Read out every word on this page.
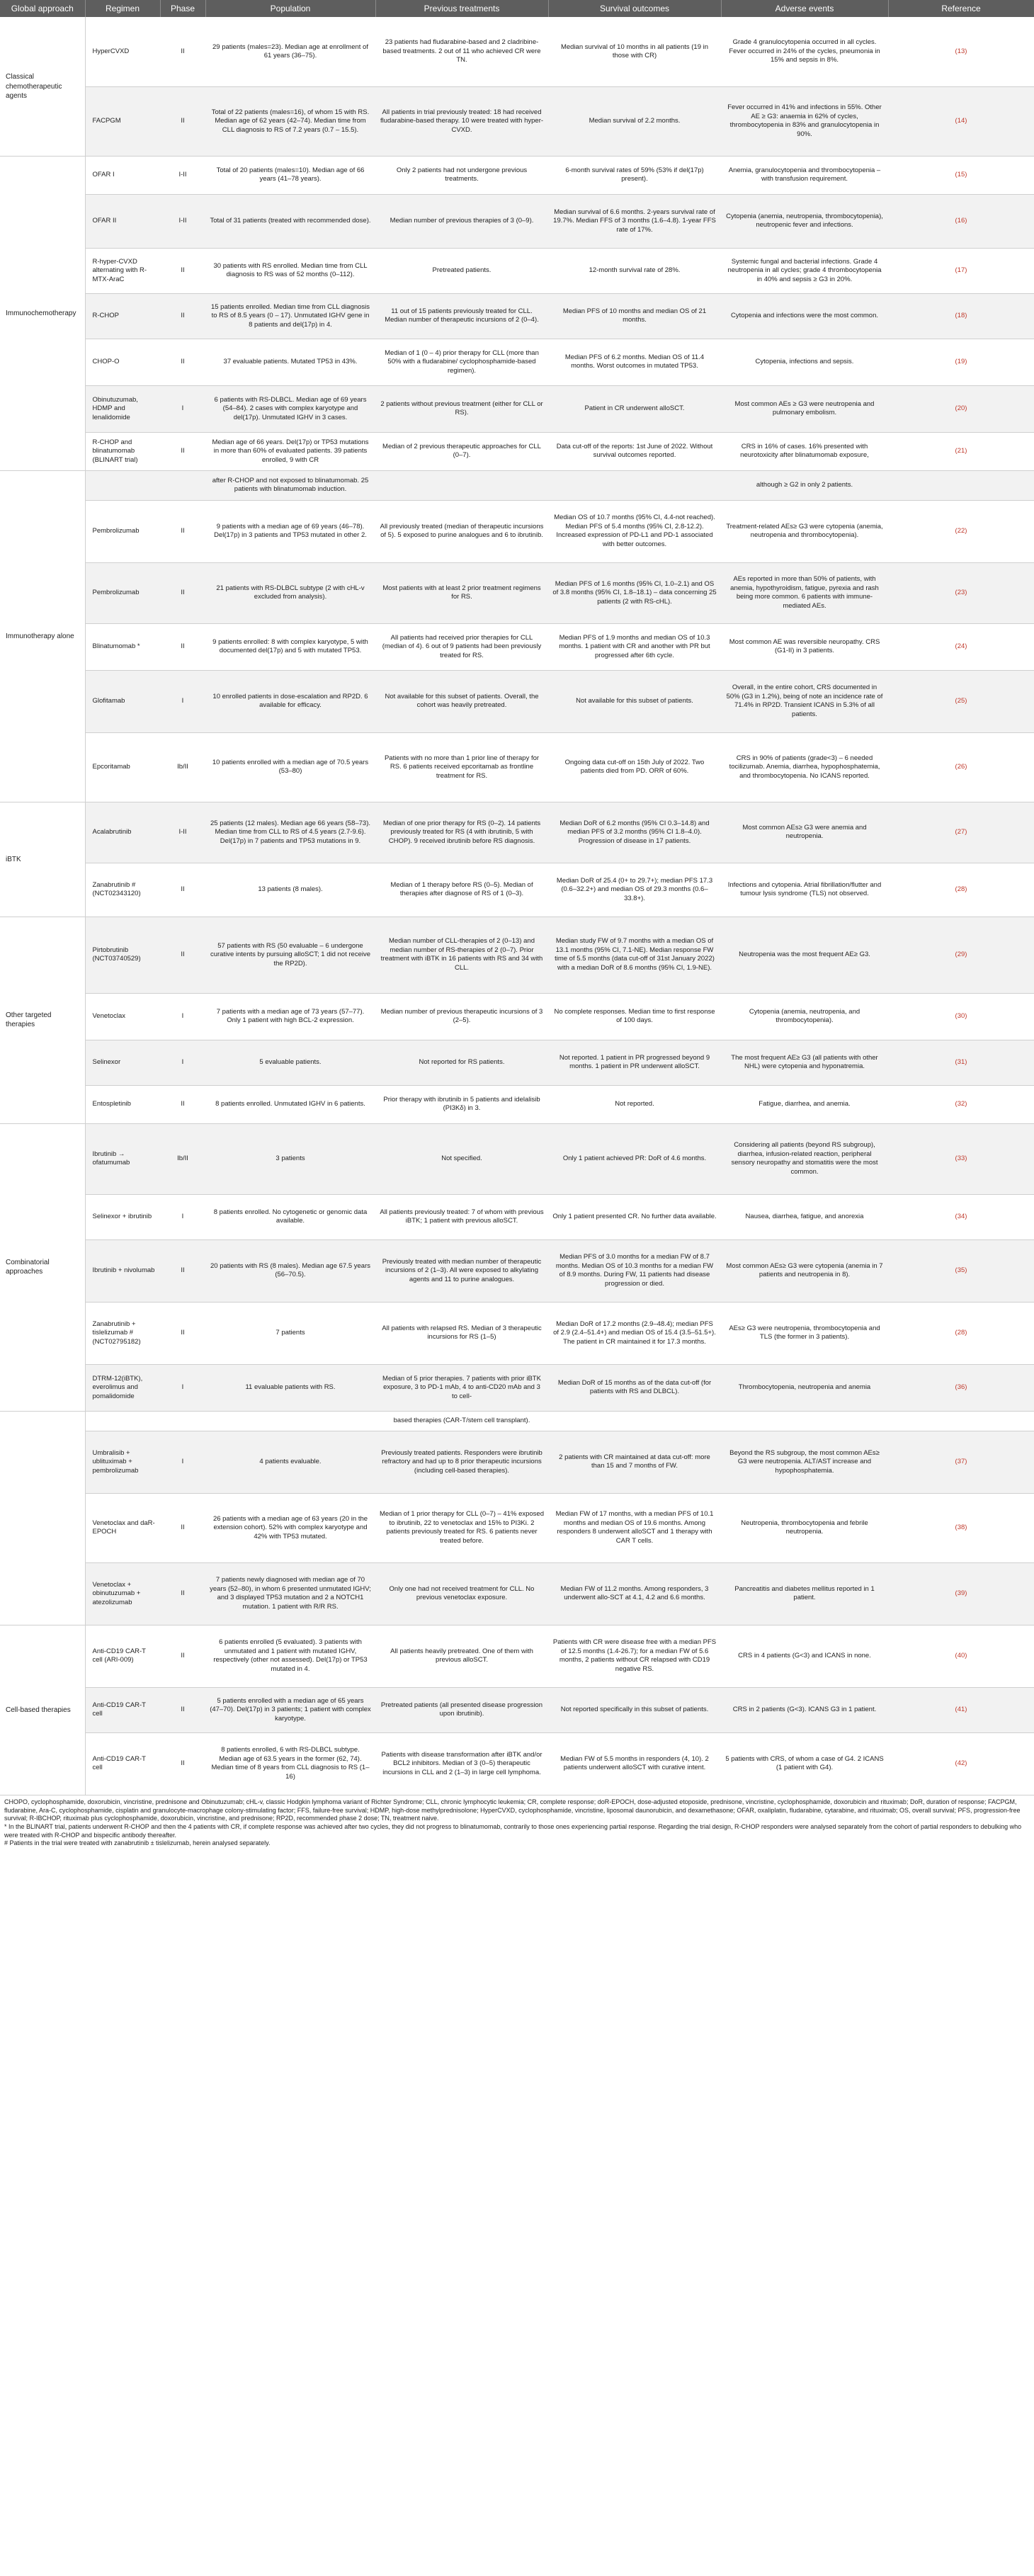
Global approach	Regimen	Phase	Population	Previous treatments	Survival outcomes	Adverse events	Reference
Classical chemotherapeutic agents	HyperCVXD	II	29 patients (males=23). Median age at enrollment of 61 years (36–75).	23 patients had fludarabine-based and 2 cladribine-based treatments. 2 out of 11 who achieved CR were TN.	Median survival of 10 months in all patients (19 in those with CR)	Grade 4 granulocytopenia occurred in all cycles. Fever occurred in 24% of the cycles, pneumonia in 15% and sepsis in 8%.	(13)
	FACPGM	II	Total of 22 patients (males=16), of whom 15 with RS. Median age of 62 years (42–74). Median time from CLL diagnosis to RS of 7.2 years (0.7 – 15.5).	All patients in trial previously treated: 18 had received fludarabine-based therapy. 10 were treated with hyper-CVXD.	Median survival of 2.2 months.	Fever occurred in 41% and infections in 55%. Other AE ≥ G3: anaemia in 62% of cycles, thrombocytopenia in 83% and granulocytopenia in 90%.	(14)
Immunochemotherapy	OFAR I	I-II	Total of 20 patients (males=10). Median age of 66 years (41–78 years).	Only 2 patients had not undergone previous treatments.	6-month survival rates of 59% (53% if del(17p) present).	Anemia, granulocytopenia and thrombocytopenia – with transfusion requirement.	(15)
	OFAR II	I-II	Total of 31 patients (treated with recommended dose).	Median number of previous therapies of 3 (0–9).	Median survival of 6.6 months. 2-years survival rate of 19.7%. Median FFS of 3 months (1.6–4.8). 1-year FFS rate of 17%.	Cytopenia (anemia, neutropenia, thrombocytopenia), neutropenic fever and infections.	(16)
	R-hyper-CVXD alternating with R-MTX-AraC	II	30 patients with RS enrolled. Median time from CLL diagnosis to RS was of 52 months (0–112).	Pretreated patients.	12-month survival rate of 28%.	Systemic fungal and bacterial infections. Grade 4 neutropenia in all cycles; grade 4 thrombocytopenia in 40% and sepsis ≥ G3 in 20%.	(17)
	R-CHOP	II	15 patients enrolled. Median time from CLL diagnosis to RS of 8.5 years (0 – 17). Unmutated IGHV gene in 8 patients and del(17p) in 4.	11 out of 15 patients previously treated for CLL. Median number of therapeutic incursions of 2 (0–4).	Median PFS of 10 months and median OS of 21 months.	Cytopenia and infections were the most common.	(18)
	CHOP-O	II	37 evaluable patients. Mutated TP53 in 43%.	Median of 1 (0 – 4) prior therapy for CLL (more than 50% with a fludarabine/ cyclophosphamide-based regimen).	Median PFS of 6.2 months. Median OS of 11.4 months. Worst outcomes in mutated TP53.	Cytopenia, infections and sepsis.	(19)
	Obinutuzumab, HDMP and lenalidomide	I	6 patients with RS-DLBCL. Median age of 69 years (54–84). 2 cases with complex karyotype and del(17p). Unmutated IGHV in 3 cases.	2 patients without previous treatment (either for CLL or RS).	Patient in CR underwent alloSCT.	Most common AEs ≥ G3 were neutropenia and pulmonary embolism.	(20)
	R-CHOP and blinatumomab (BLINART trial)	II	Median age of 66 years. Del(17p) or TP53 mutations in more than 60% of evaluated patients. 39 patients enrolled, 9 with CR	Median of 2 previous therapeutic approaches for CLL (0–7).	Data cut-off of the reports: 1st June of 2022. Without survival outcomes reported.	CRS in 16% of cases. 16% presented with neurotoxicity after blinatumomab exposure,	(21)
Immunotherapy alone			after R-CHOP and not exposed to blinatumomab. 25 patients with blinatumomab induction.			although ≥ G2 in only 2 patients.	
	Pembrolizumab	II	9 patients with a median age of 69 years (46–78). Del(17p) in 3 patients and TP53 mutated in other 2.	All previously treated (median of therapeutic incursions of 5). 5 exposed to purine analogues and 6 to ibrutinib.	Median OS of 10.7 months (95% CI, 4.4-not reached). Median PFS of 5.4 months (95% CI, 2.8-12.2). Increased expression of PD-L1 and PD-1 associated with better outcomes.	Treatment-related AEs≥ G3 were cytopenia (anemia, neutropenia and thrombocytopenia).	(22)
	Pembrolizumab	II	21 patients with RS-DLBCL subtype (2 with cHL-v excluded from analysis).	Most patients with at least 2 prior treatment regimens for RS.	Median PFS of 1.6 months (95% CI, 1.0–2.1) and OS of 3.8 months (95% CI, 1.8–18.1) – data concerning 25 patients (2 with RS-cHL).	AEs reported in more than 50% of patients, with anemia, hypothyroidism, fatigue, pyrexia and rash being more common. 6 patients with immune-mediated AEs.	(23)
	Blinatumomab *	II	9 patients enrolled: 8 with complex karyotype, 5 with documented del(17p) and 5 with mutated TP53.	All patients had received prior therapies for CLL (median of 4). 6 out of 9 patients had been previously treated for RS.	Median PFS of 1.9 months and median OS of 10.3 months. 1 patient with CR and another with PR but progressed after 6th cycle.	Most common AE was reversible neuropathy. CRS (G1-II) in 3 patients.	(24)
	Glofitamab	I	10 enrolled patients in dose-escalation and RP2D. 6 available for efficacy.	Not available for this subset of patients. Overall, the cohort was heavily pretreated.	Not available for this subset of patients.	Overall, in the entire cohort, CRS documented in 50% (G3 in 1.2%), being of note an incidence rate of 71.4% in RP2D. Transient ICANS in 5.3% of all patients.	(25)
	Epcoritamab	Ib/II	10 patients enrolled with a median age of 70.5 years (53–80)	Patients with no more than 1 prior line of therapy for RS. 6 patients received epcoritamab as frontline treatment for RS.	Ongoing data cut-off on 15th July of 2022. Two patients died from PD. ORR of 60%.	CRS in 90% of patients (grade<3) – 6 needed tocilizumab. Anemia, diarrhea, hypophosphatemia, and thrombocytopenia. No ICANS reported.	(26)
iBTK	Acalabrutinib	I-II	25 patients (12 males). Median age 66 years (58–73). Median time from CLL to RS of 4.5 years (2.7-9.6). Del(17p) in 7 patients and TP53 mutations in 9.	Median of one prior therapy for RS (0–2). 14 patients previously treated for RS (4 with ibrutinib, 5 with CHOP). 9 received ibrutinib before RS diagnosis.	Median DoR of 6.2 months (95% CI 0.3–14.8) and median PFS of 3.2 months (95% CI 1.8–4.0). Progression of disease in 17 patients.	Most common AEs≥ G3 were anemia and neutropenia.	(27)
	Zanabrutinib # (NCT02343120)	II	13 patients (8 males).	Median of 1 therapy before RS (0–5). Median of therapies after diagnose of RS of 1 (0–3).	Median DoR of 25.4 (0+ to 29.7+); median PFS 17.3 (0.6–32.2+) and median OS of 29.3 months (0.6–33.8+).	Infections and cytopenia. Atrial fibrillation/flutter and tumour lysis syndrome (TLS) not observed.	(28)
Other targeted therapies	Pirtobrutinib (NCT03740529)	II	57 patients with RS (50 evaluable – 6 undergone curative intents by pursuing alloSCT; 1 did not receive the RP2D).	Median number of CLL-therapies of 2 (0–13) and median number of RS-therapies of 2 (0–7). Prior treatment with iBTK in 16 patients with RS and 34 with CLL.	Median study FW of 9.7 months with a median OS of 13.1 months (95% CI, 7.1-NE). Median response FW time of 5.5 months (data cut-off of 31st January 2022) with a median DoR of 8.6 months (95% CI, 1.9-NE).	Neutropenia was the most frequent AE≥ G3.	(29)
	Venetoclax	I	7 patients with a median age of 73 years (57–77). Only 1 patient with high BCL-2 expression.	Median number of previous therapeutic incursions of 3 (2–5).	No complete responses. Median time to first response of 100 days.	Cytopenia (anemia, neutropenia, and thrombocytopenia).	(30)
	Selinexor	I	5 evaluable patients.	Not reported for RS patients.	Not reported. 1 patient in PR progressed beyond 9 months. 1 patient in PR underwent alloSCT.	The most frequent AE≥ G3 (all patients with other NHL) were cytopenia and hyponatremia.	(31)
	Entospletinib	II	8 patients enrolled. Unmutated IGHV in 6 patients.	Prior therapy with ibrutinib in 5 patients and idelalisib (PI3Kδ) in 3.	Not reported.	Fatigue, diarrhea, and anemia.	(32)
Combinatorial approaches	Ibrutinib → ofatumumab	Ib/II	3 patients	Not specified.	Only 1 patient achieved PR: DoR of 4.6 months.	Considering all patients (beyond RS subgroup), diarrhea, infusion-related reaction, peripheral sensory neuropathy and stomatitis were the most common.	(33)
	Selinexor + ibrutinib	I	8 patients enrolled. No cytogenetic or genomic data available.	All patients previously treated: 7 of whom with previous iBTK; 1 patient with previous alloSCT.	Only 1 patient presented CR. No further data available.	Nausea, diarrhea, fatigue, and anorexia	(34)
	Ibrutinib + nivolumab	II	20 patients with RS (8 males). Median age 67.5 years (56–70.5).	Previously treated with median number of therapeutic incursions of 2 (1–3). All were exposed to alkylating agents and 11 to purine analogues.	Median PFS of 3.0 months for a median FW of 8.7 months. Median OS of 10.3 months for a median FW of 8.9 months. During FW, 11 patients had disease progression or died.	Most common AEs≥ G3 were cytopenia (anemia in 7 patients and neutropenia in 8).	(35)
	Zanabrutinib + tislelizumab # (NCT02795182)	II	7 patients	All patients with relapsed RS. Median of 3 therapeutic incursions for RS (1–5)	Median DoR of 17.2 months (2.9–48.4); median PFS of 2.9 (2.4–51.4+) and median OS of 15.4 (3.5–51.5+). The patient in CR maintained it for 17.3 months.	AEs≥ G3 were neutropenia, thrombocytopenia and TLS (the former in 3 patients).	(28)
	DTRM-12(iBTK), everolimus and pomalidomide	I	11 evaluable patients with RS.	Median of 5 prior therapies. 7 patients with prior iBTK exposure, 3 to PD-1 mAb, 4 to anti-CD20 mAb and 3 to cell-	Median DoR of 15 months as of the data cut-off (for patients with RS and DLBCL).	Thrombocytopenia, neutropenia and anemia	(36)
				based therapies (CAR-T/stem cell transplant).			
	Umbralisib + ublituximab + pembrolizumab	I	4 patients evaluable.	Previously treated patients. Responders were ibrutinib refractory and had up to 8 prior therapeutic incursions (including cell-based therapies).	2 patients with CR maintained at data cut-off: more than 15 and 7 months of FW.	Beyond the RS subgroup, the most common AEs≥ G3 were neutropenia. ALT/AST increase and hypophosphatemia.	(37)
	Venetoclax and daR-EPOCH	II	26 patients with a median age of 63 years (20 in the extension cohort). 52% with complex karyotype and 42% with TP53 mutated.	Median of 1 prior therapy for CLL (0–7) – 41% exposed to ibrutinib, 22 to venetoclax and 15% to PI3Ki. 2 patients previously treated for RS. 6 patients never treated before.	Median FW of 17 months, with a median PFS of 10.1 months and median OS of 19.6 months. Among responders 8 underwent alloSCT and 1 therapy with CAR T cells.	Neutropenia, thrombocytopenia and febrile neutropenia.	(38)
	Venetoclax + obinutuzumab + atezolizumab	II	7 patients newly diagnosed with median age of 70 years (52–80), in whom 6 presented unmutated IGHV; and 3 displayed TP53 mutation and 2 a NOTCH1 mutation. 1 patient with R/R RS.	Only one had not received treatment for CLL. No previous venetoclax exposure.	Median FW of 11.2 months. Among responders, 3 underwent allo-SCT at 4.1, 4.2 and 6.6 months.	Pancreatitis and diabetes mellitus reported in 1 patient.	(39)
Cell-based therapies	Anti-CD19 CAR-T cell (ARI-009)	II	6 patients enrolled (5 evaluated). 3 patients with unmutated and 1 patient with mutated IGHV, respectively (other not assessed). Del(17p) or TP53 mutated in 4.	All patients heavily pretreated. One of them with previous alloSCT.	Patients with CR were disease free with a median PFS of 12.5 months (1.4-26.7); for a median FW of 5.6 months, 2 patients without CR relapsed with CD19 negative RS.	CRS in 4 patients (G<3) and ICANS in none.	(40)
	Anti-CD19 CAR-T cell	II	5 patients enrolled with a median age of 65 years (47–70). Del(17p) in 3 patients; 1 patient with complex karyotype.	Pretreated patients (all presented disease progression upon ibrutinib).	Not reported specifically in this subset of patients.	CRS in 2 patients (G<3). ICANS G3 in 1 patient.	(41)
	Anti-CD19 CAR-T cell	II	8 patients enrolled, 6 with RS-DLBCL subtype. Median age of 63.5 years in the former (62, 74). Median time of 8 years from CLL diagnosis to RS (1–16)	Patients with disease transformation after iBTK and/or BCL2 inhibitors. Median of 3 (0–5) therapeutic incursions in CLL and 2 (1–3) in large cell lymphoma.	Median FW of 5.5 months in responders (4, 10). 2 patients underwent alloSCT with curative intent.	5 patients with CRS, of whom a case of G4. 2 ICANS (1 patient with G4).	(42)

CHOPO, cyclophosphamide, doxorubicin, vincristine, prednisone and Obinutuzumab; cHL-v, classic Hodgkin lymphoma variant of Richter Syndrome; CLL, chronic lymphocytic leukemia; CR, complete response; doR-EPOCH, dose-adjusted etoposide, prednisone, vincristine, cyclophosphamide, doxorubicin and rituximab; DoR, duration of response; FACPGM, fludarabine, Ara-C, cyclophosphamide, cisplatin and granulocyte-macrophage colony-stimulating factor; FFS, failure-free survival; HDMP, high-dose methylprednisolone; HyperCVXD, cyclophosphamide, vincristine, liposomal daunorubicin, and dexamethasone; OFAR, oxaliplatin, fludarabine, cytarabine, and rituximab; OS, overall survival; PFS, progression-free survival; R-IBCHOP, rituximab plus cyclophosphamide, doxorubicin, vincristine, and prednisone; RP2D, recommended phase 2 dose; TN, treatment naive.

* In the BLINART trial, patients underwent R-CHOP and then the 4 patients with CR, if complete response was achieved after two cycles, they did not progress to blinatumomab, contrarily to those ones experiencing partial response. Regarding the trial design, R-CHOP responders were analysed separately from the cohort of partial responders to debulking who were treated with R-CHOP and bispecific antibody thereafter.

# Patients in the trial were treated with zanabrutinib ± tislelizumab, herein analysed separately.
